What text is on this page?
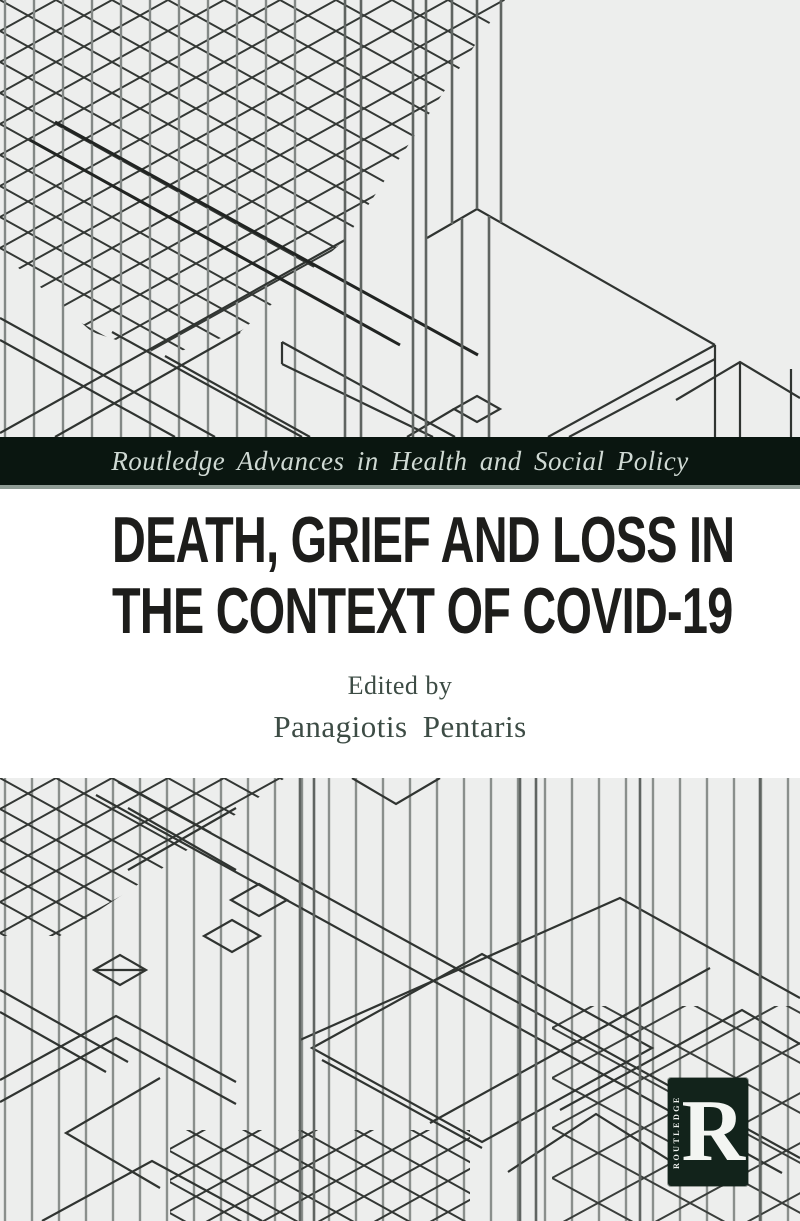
Routledge Advances in Health and Social Policy
DEATH, GRIEF AND LOSS IN
THE CONTEXT OF COVID-19
Edited by
Panagiotis Pentaris
ROUTLEDGE R
